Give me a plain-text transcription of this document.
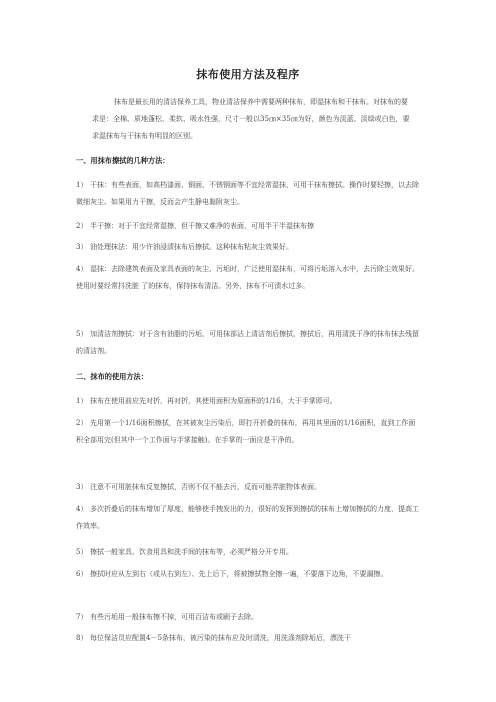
抹布使用方法及程序
抹布是最长用的清洁保养工具，物业清洁保养中需要两种抹布，即湿抹布和干抹布。对抹布的要求是：全棉、质地蓬松、柔软、吸水性强，尺寸一般以35㎝×35㎝为好，颜色为淡蓝、淡绿或白色，要求湿抹布与干抹布有明显的区别。
一、用抹布擦拭的几种方法：
1） 干抹：有些表面，如高档漆面、铜面、不锈钢面等不宜经常湿抹，可用干抹布擦拭。操作时要轻擦，以去除微细灰尘。如果用力干擦，反而会产生静电黏附灰尘。
2） 半干擦：对于不宜经常湿擦，但干擦又难净的表面，可用半干半湿抹布擦
3） 油处理抹法：用少许油浸渍抹布后擦拭。这种抹布粘灰尘效果好。
4） 湿抹：去除建筑表面及家具表面的灰尘、污垢时，广泛使用湿抹布，可将污垢溶入水中，去污除尘效果好。使用时要经常抖洗脏 了的抹布，保持抹布清洁。另外，抹布不可渍水过多。
5） 加清洁剂擦拭：对于含有油脂的污垢，可用抹部沾上清洁剂后擦拭，擦拭后，再用清洗干净的抹布抹去残留的清洁剂。
二、抹布的使用方法：
1） 抹布在使用前应先对折，再对折，其使用面积为原面积的1/16，大于手掌即可。
2） 先用第一个1/16面积擦拭，在其被灰尘污染后，即打开折叠的抹布，再用其里面的1/16面积，直到工作面积全部用完(但其中一个工作面与手掌接触)。在手掌的一面应是干净的。
3） 注意不可用脏抹布反复擦拭，否则不仅不能去污，反而可能弄脏物体表面。
4） 多次折叠后的抹布增加了厚度，能够使手拽发出的力，很好的发挥到擦拭的抹布上增加擦拭的力度，提高工作效率。
5） 擦拭一般家具、饮食用具和洗手间的抹布等，必须严格分开专用。
6） 擦拭时应从左到右（或从右到左）、先上后下，将被擦拭物全擦一遍，不要落下边角，不要漏擦。
7） 有些污垢用一般抹布擦不掉，可用百洁布或刷子去除。
8） 每位保洁员应配置4－5条抹布，被污染的抹布应及时清洗，用洗涤剂除垢后，漂洗干
